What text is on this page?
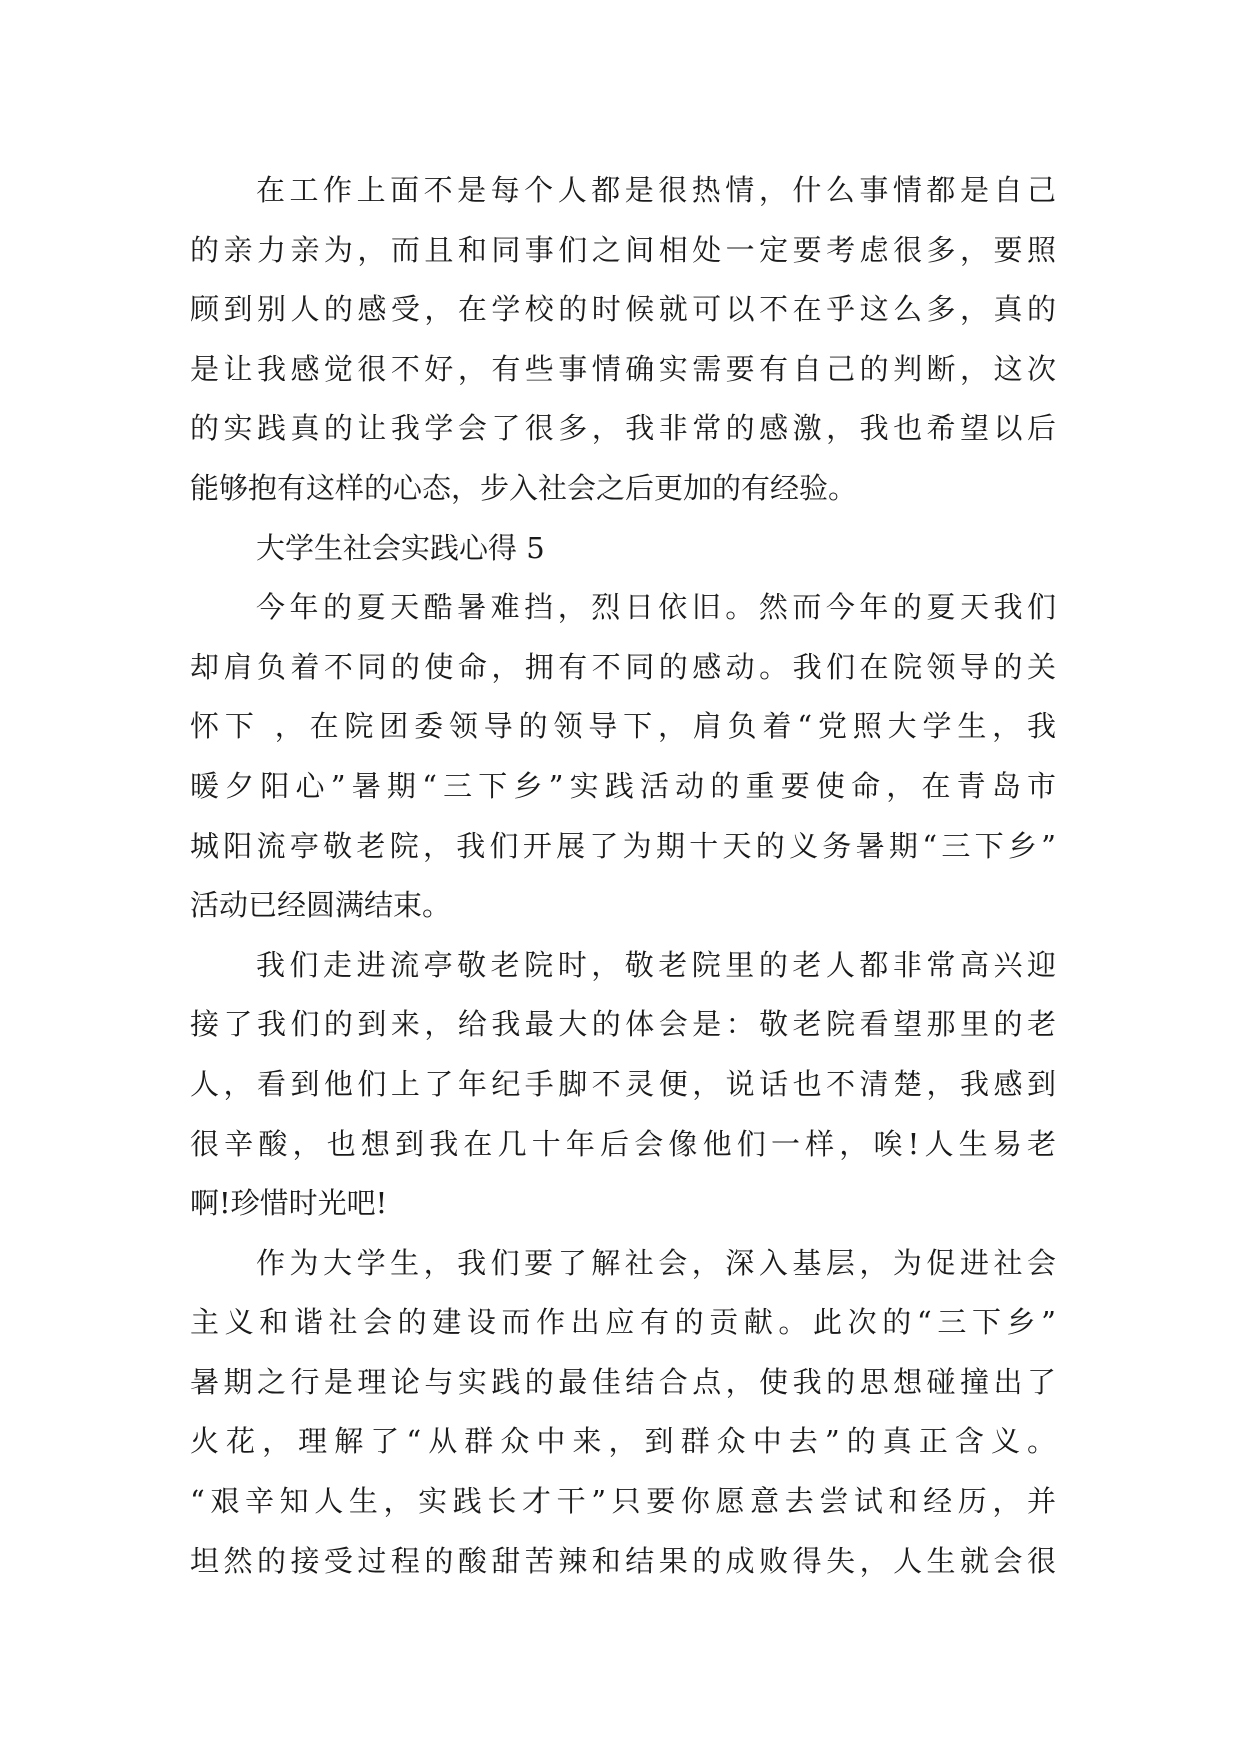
在工作上面不是每个人都是很热情，什么事情都是自己
的亲力亲为，而且和同事们之间相处一定要考虑很多，要照
顾到别人的感受，在学校的时候就可以不在乎这么多，真的
是让我感觉很不好，有些事情确实需要有自己的判断，这次
的实践真的让我学会了很多，我非常的感激，我也希望以后
能够抱有这样的心态，步入社会之后更加的有经验。
大学生社会实践心得 5
今年的夏天酷暑难挡，烈日依旧。然而今年的夏天我们
却肩负着不同的使命，拥有不同的感动。我们在院领导的关
怀下 ，在院团委领导的领导下，肩负着“党照大学生，我
暖夕阳心”暑期“三下乡”实践活动的重要使命，在青岛市
城阳流亭敬老院，我们开展了为期十天的义务暑期“三下乡”
活动已经圆满结束。
我们走进流亭敬老院时，敬老院里的老人都非常高兴迎
接了我们的到来，给我最大的体会是：敬老院看望那里的老
人，看到他们上了年纪手脚不灵便，说话也不清楚，我感到
很辛酸，也想到我在几十年后会像他们一样，唉!人生易老
啊!珍惜时光吧!
作为大学生，我们要了解社会，深入基层，为促进社会
主义和谐社会的建设而作出应有的贡献。此次的“三下乡”
暑期之行是理论与实践的最佳结合点，使我的思想碰撞出了
火花，理解了“从群众中来，到群众中去”的真正含义。
“艰辛知人生，实践长才干”只要你愿意去尝试和经历，并
坦然的接受过程的酸甜苦辣和结果的成败得失，人生就会很
